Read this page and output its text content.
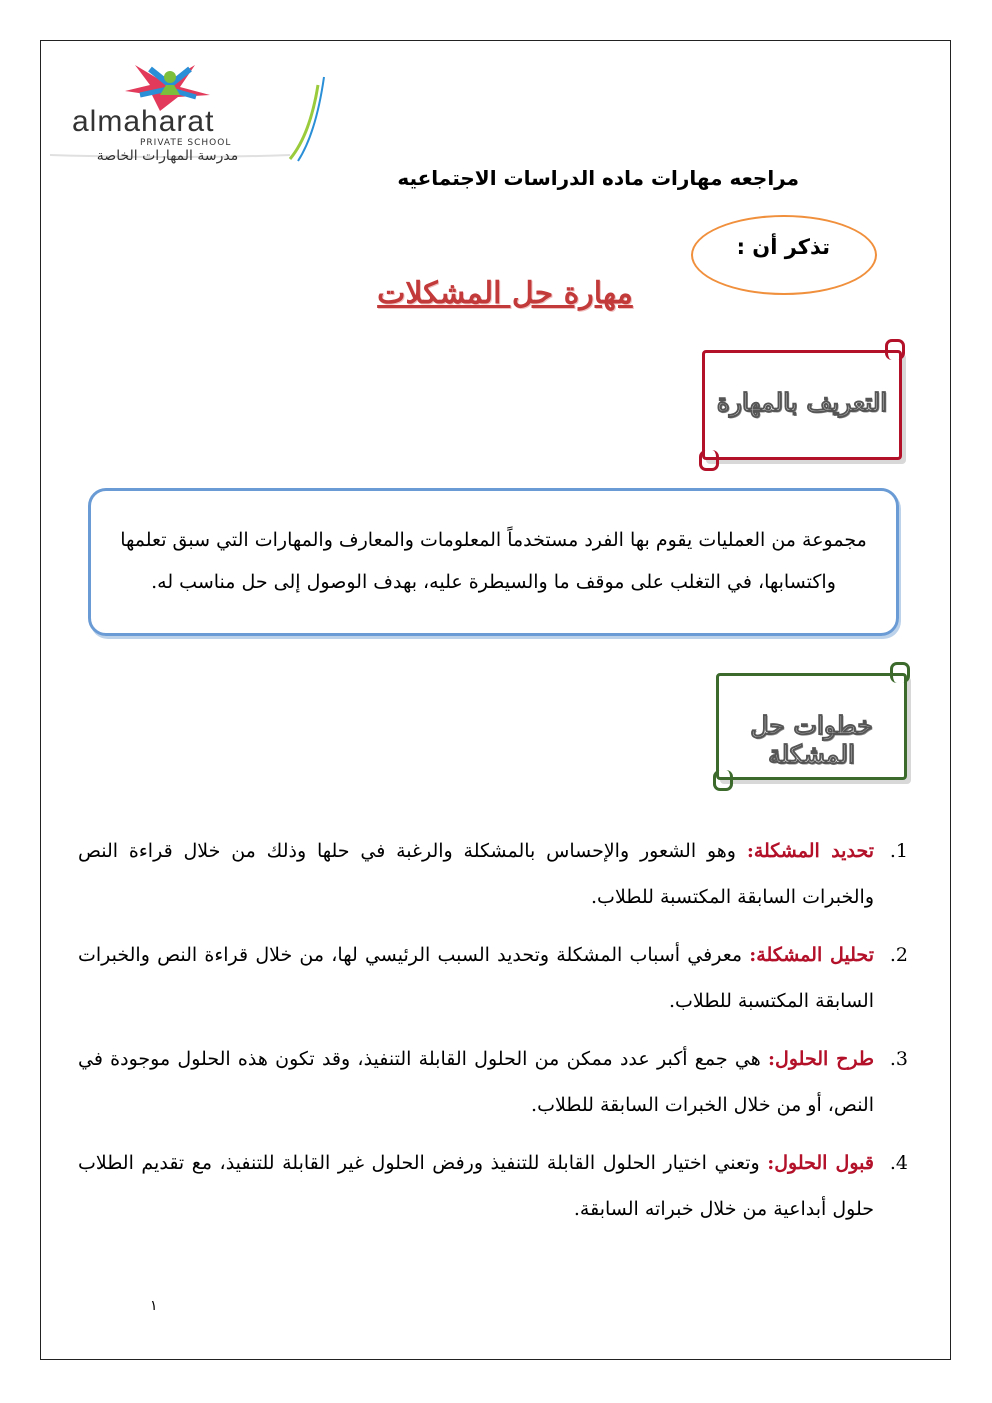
almaharat
PRIVATE SCHOOL
مدرسة المهارات الخاصة
مراجعه مهارات ماده الدراسات الاجتماعيه
تذكر أن :
مهارة حل المشكلات
التعريف بالمهارة
مجموعة من العمليات يقوم بها الفرد مستخدماً المعلومات والمعارف والمهارات التي سبق تعلمها واكتسابها، في التغلب على موقف ما والسيطرة عليه، بهدف الوصول إلى حل مناسب له.
خطوات حل المشكلة
1.
تحديد المشكلة: وهو الشعور والإحساس بالمشكلة والرغبة في حلها وذلك من خلال قراءة النص والخبرات السابقة المكتسبة للطلاب.
2.
تحليل المشكلة: معرفي أسباب المشكلة وتحديد السبب الرئيسي لها، من خلال قراءة النص والخبرات السابقة المكتسبة للطلاب.
3.
طرح الحلول: هي جمع أكبر عدد ممكن من الحلول القابلة التنفيذ، وقد تكون هذه الحلول موجودة في النص، أو من خلال الخبرات السابقة للطلاب.
4.
قبول الحلول: وتعني اختيار الحلول القابلة للتنفيذ ورفض الحلول غير القابلة للتنفيذ، مع تقديم الطلاب حلول أبداعية من خلال خبراته السابقة.
١
